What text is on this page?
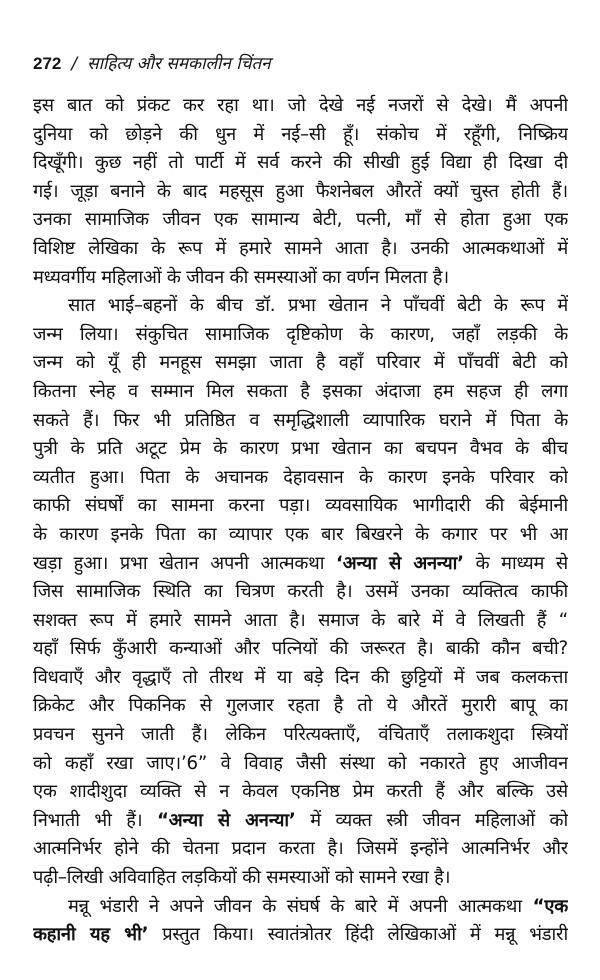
272 / साहित्य और समकालीन चिंतन
इस बात को प्रंकट कर रहा था। जो देखे नई नजरों से देखे। मैं अपनी
दुनिया को छोड़ने की धुन में नई–सी हूँ। संकोच में रहूँगी, निष्क्रिय
दिखूँगी। कुछ नहीं तो पार्टी में सर्व करने की सीखी हुई विद्या ही दिखा दी
गई। जूड़ा बनाने के बाद महसूस हुआ फैशनेबल औरतें क्यों चुस्त होती हैं।
उनका सामाजिक जीवन एक सामान्य बेटी, पत्नी, माँ से होता हुआ एक
विशिष्ट लेखिका के रूप में हमारे सामने आता है। उनकी आत्मकथाओं में
मध्यवर्गीय महिलाओं के जीवन की समस्याओं का वर्णन मिलता है।
सात भाई–बहनों के बीच डॉ. प्रभा खेतान ने पाँचवीं बेटी के रूप में
जन्म लिया। संकुचित सामाजिक दृष्टिकोण के कारण, जहाँ लड़की के
जन्म को यूँ ही मनहूस समझा जाता है वहाँ परिवार में पाँचवीं बेटी को
कितना स्नेह व सम्मान मिल सकता है इसका अंदाजा हम सहज ही लगा
सकते हैं। फिर भी प्रतिष्ठित व समृद्धिशाली व्यापारिक घराने में पिता के
पुत्री के प्रति अटूट प्रेम के कारण प्रभा खेतान का बचपन वैभव के बीच
व्यतीत हुआ। पिता के अचानक देहावसान के कारण इनके परिवार को
काफी संघर्षों का सामना करना पड़ा। व्यवसायिक भागीदारी की बेईमानी
के कारण इनके पिता का व्यापार एक बार बिखरने के कगार पर भी आ
खड़ा हुआ। प्रभा खेतान अपनी आत्मकथा ‘अन्या से अनन्या’ के माध्यम से
जिस सामाजिक स्थिति का चित्रण करती है। उसमें उनका व्यक्तित्व काफी
सशक्त रूप में हमारे सामने आता है। समाज के बारे में वे लिखती हैं “
यहाँ सिर्फ कुँआरी कन्याओं और पत्नियों की जरूरत है। बाकी कौन बची?
विधवाएँ और वृद्धाएँ तो तीरथ में या बड़े दिन की छुट्टियों में जब कलकत्ता
क्रिकेट और पिकनिक से गुलजार रहता है तो ये औरतें मुरारी बापू का
प्रवचन सुनने जाती हैं। लेकिन परित्यक्ताएँ, वंचिताएँ तलाकशुदा स्त्रियों
को कहाँ रखा जाए।’6” वे विवाह जैसी संस्था को नकारते हुए आजीवन
एक शादीशुदा व्यक्ति से न केवल एकनिष्ठ प्रेम करती हैं और बल्कि उसे
निभाती भी हैं। “अन्या से अनन्या’ में व्यक्त स्त्री जीवन महिलाओं को
आत्मनिर्भर होने की चेतना प्रदान करता है। जिसमें इन्होंने आत्मनिर्भर और
पढ़ी–लिखी अविवाहित लड़कियों की समस्याओं को सामने रखा है।
मन्नू भंडारी ने अपने जीवन के संघर्ष के बारे में अपनी आत्मकथा “एक
कहानी यह भी’ प्रस्तुत किया। स्वातंत्रोतर हिंदी लेखिकाओं में मन्नू भंडारी
